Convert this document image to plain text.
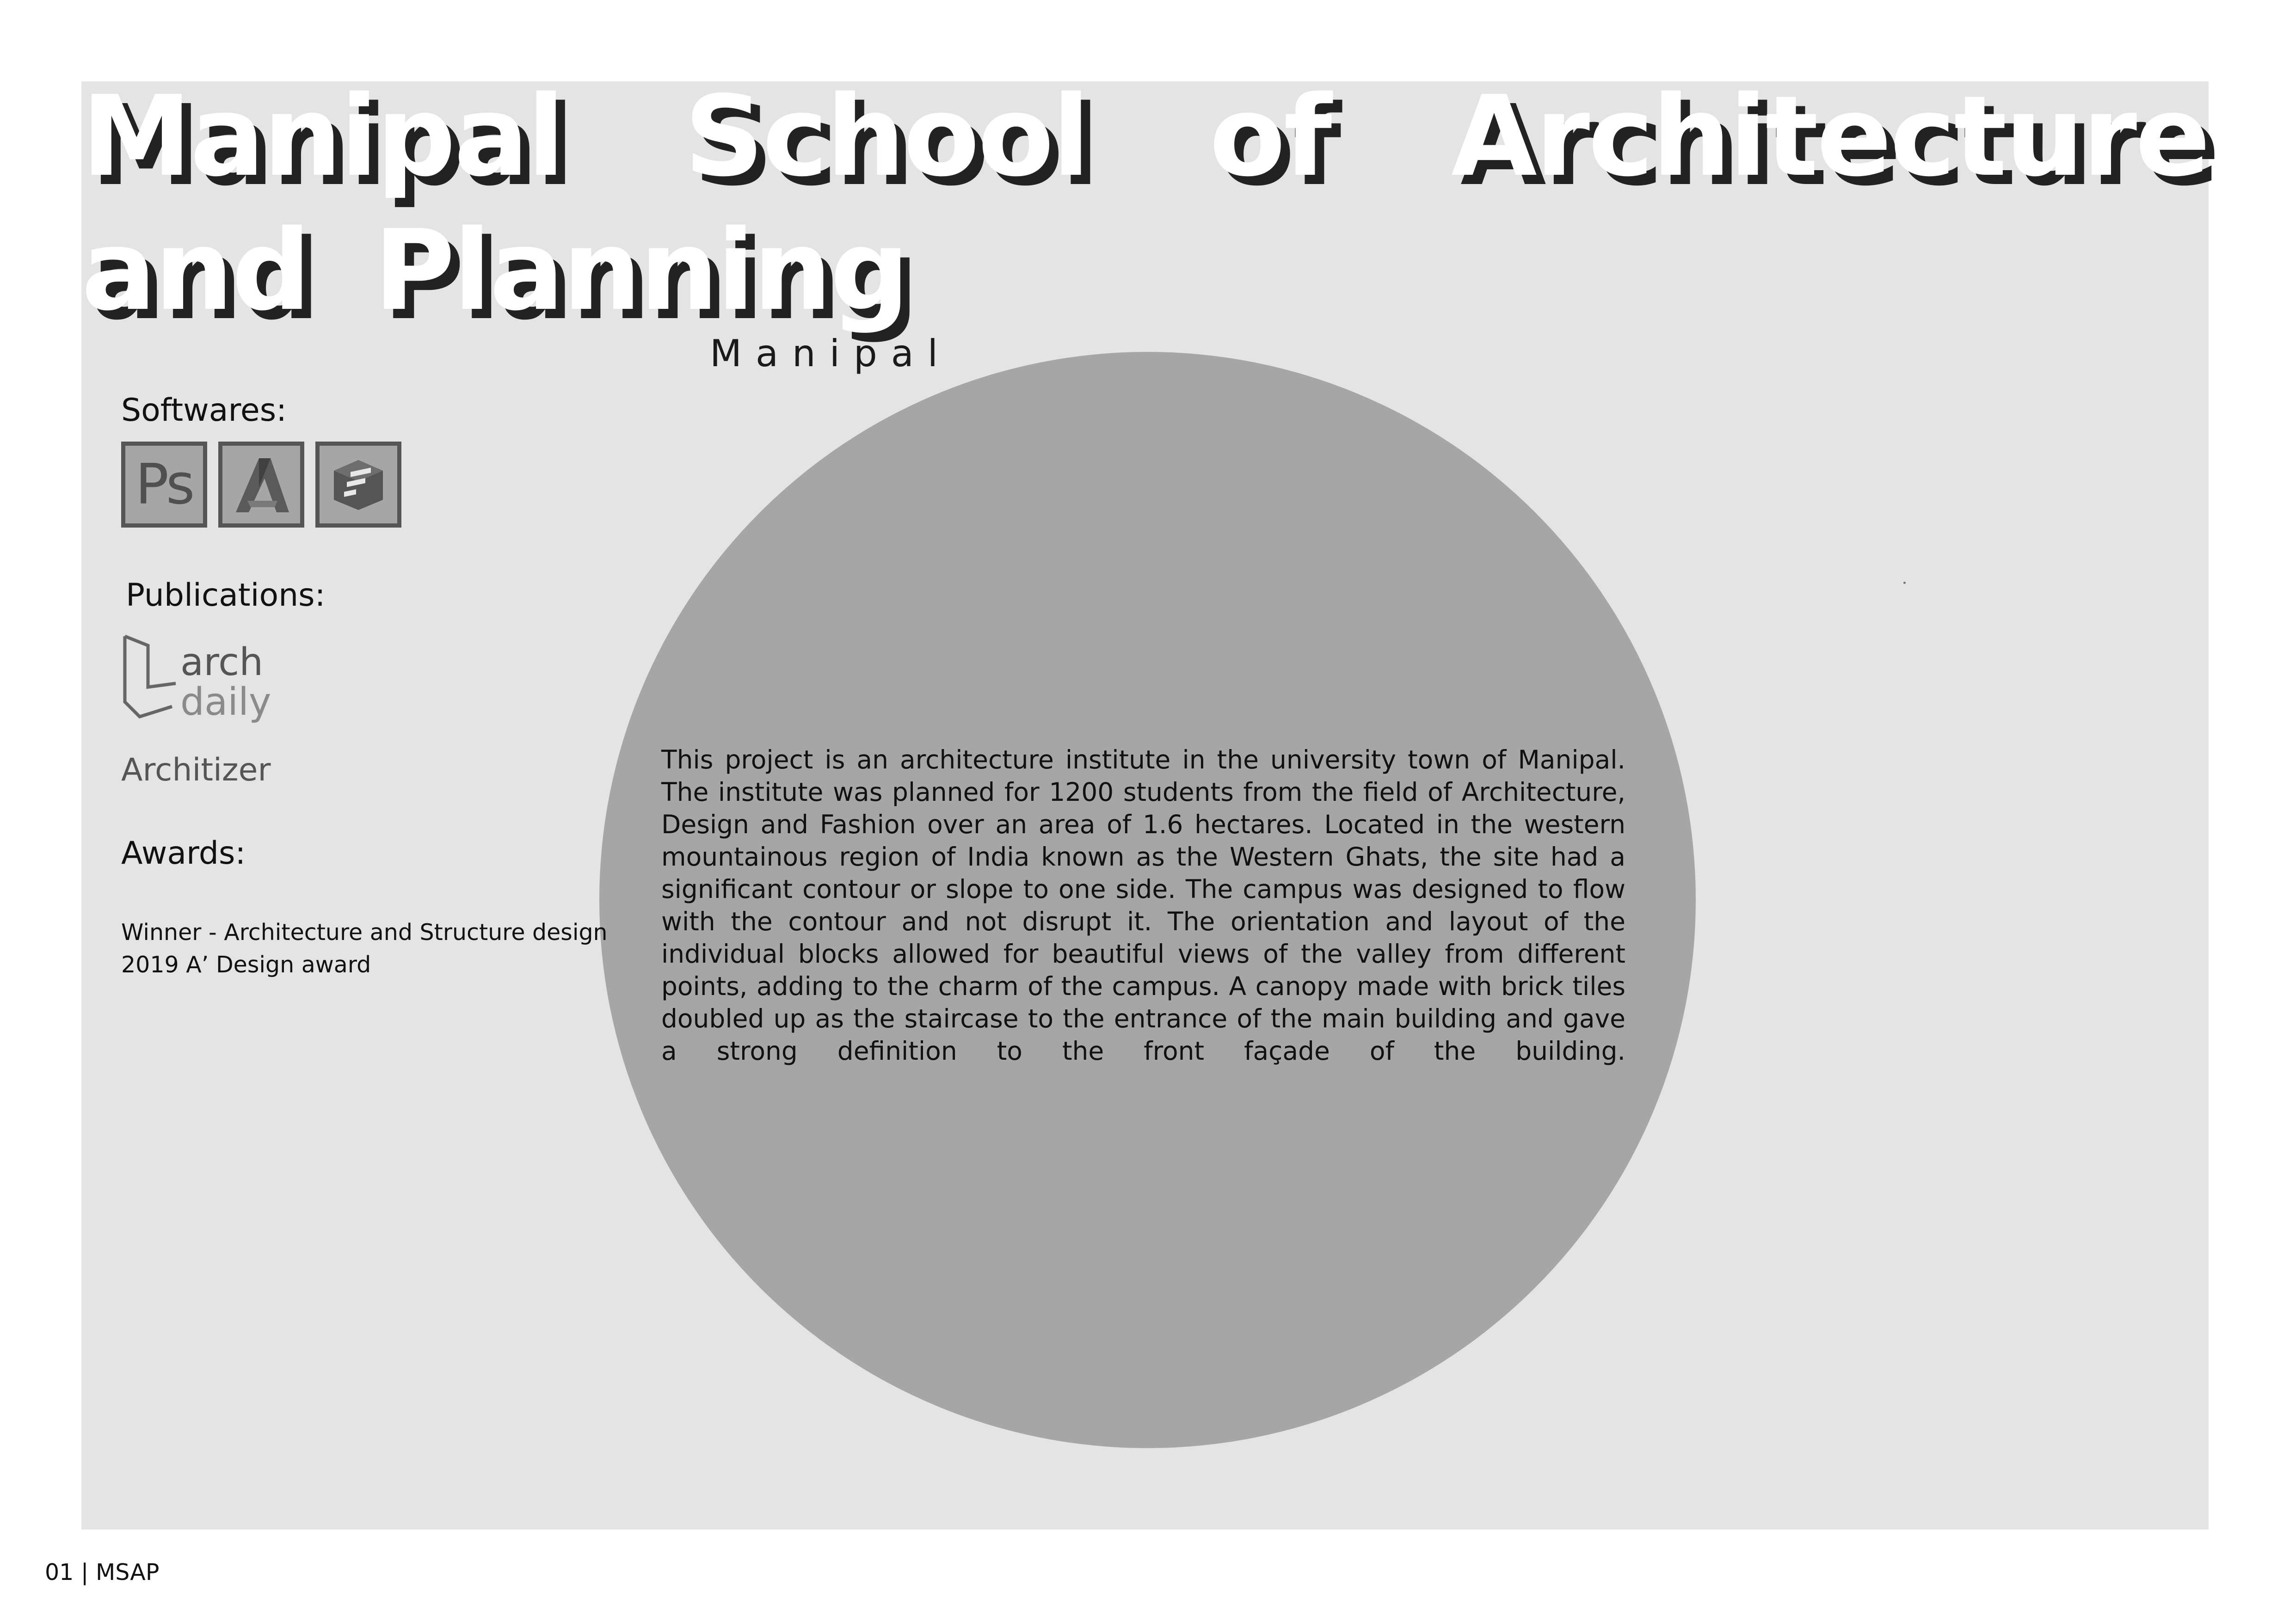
Manipal School of Architecture
and Planning
Manipal

This project is an architecture institute in the university town of Manipal. The institute was planned for 1200 students from the field of Architecture, Design and Fashion over an area of 1.6 hectares. Located in the western mountainous region of India known as the Western Ghats, the site had a significant contour or slope to one side. The campus was designed to flow with the contour and not disrupt it. The orientation and layout of the individual blocks allowed for beautiful views of the valley from different points, adding to the charm of the campus. A canopy made with brick tiles doubled up as the staircase to the entrance of the main building and gave a strong definition to the front façade of the building.

Softwares:
Ps
Publications:
arch
daily
Architizer
Awards:
Winner - Architecture and Structure design
2019 A’ Design award
01 | MSAP
